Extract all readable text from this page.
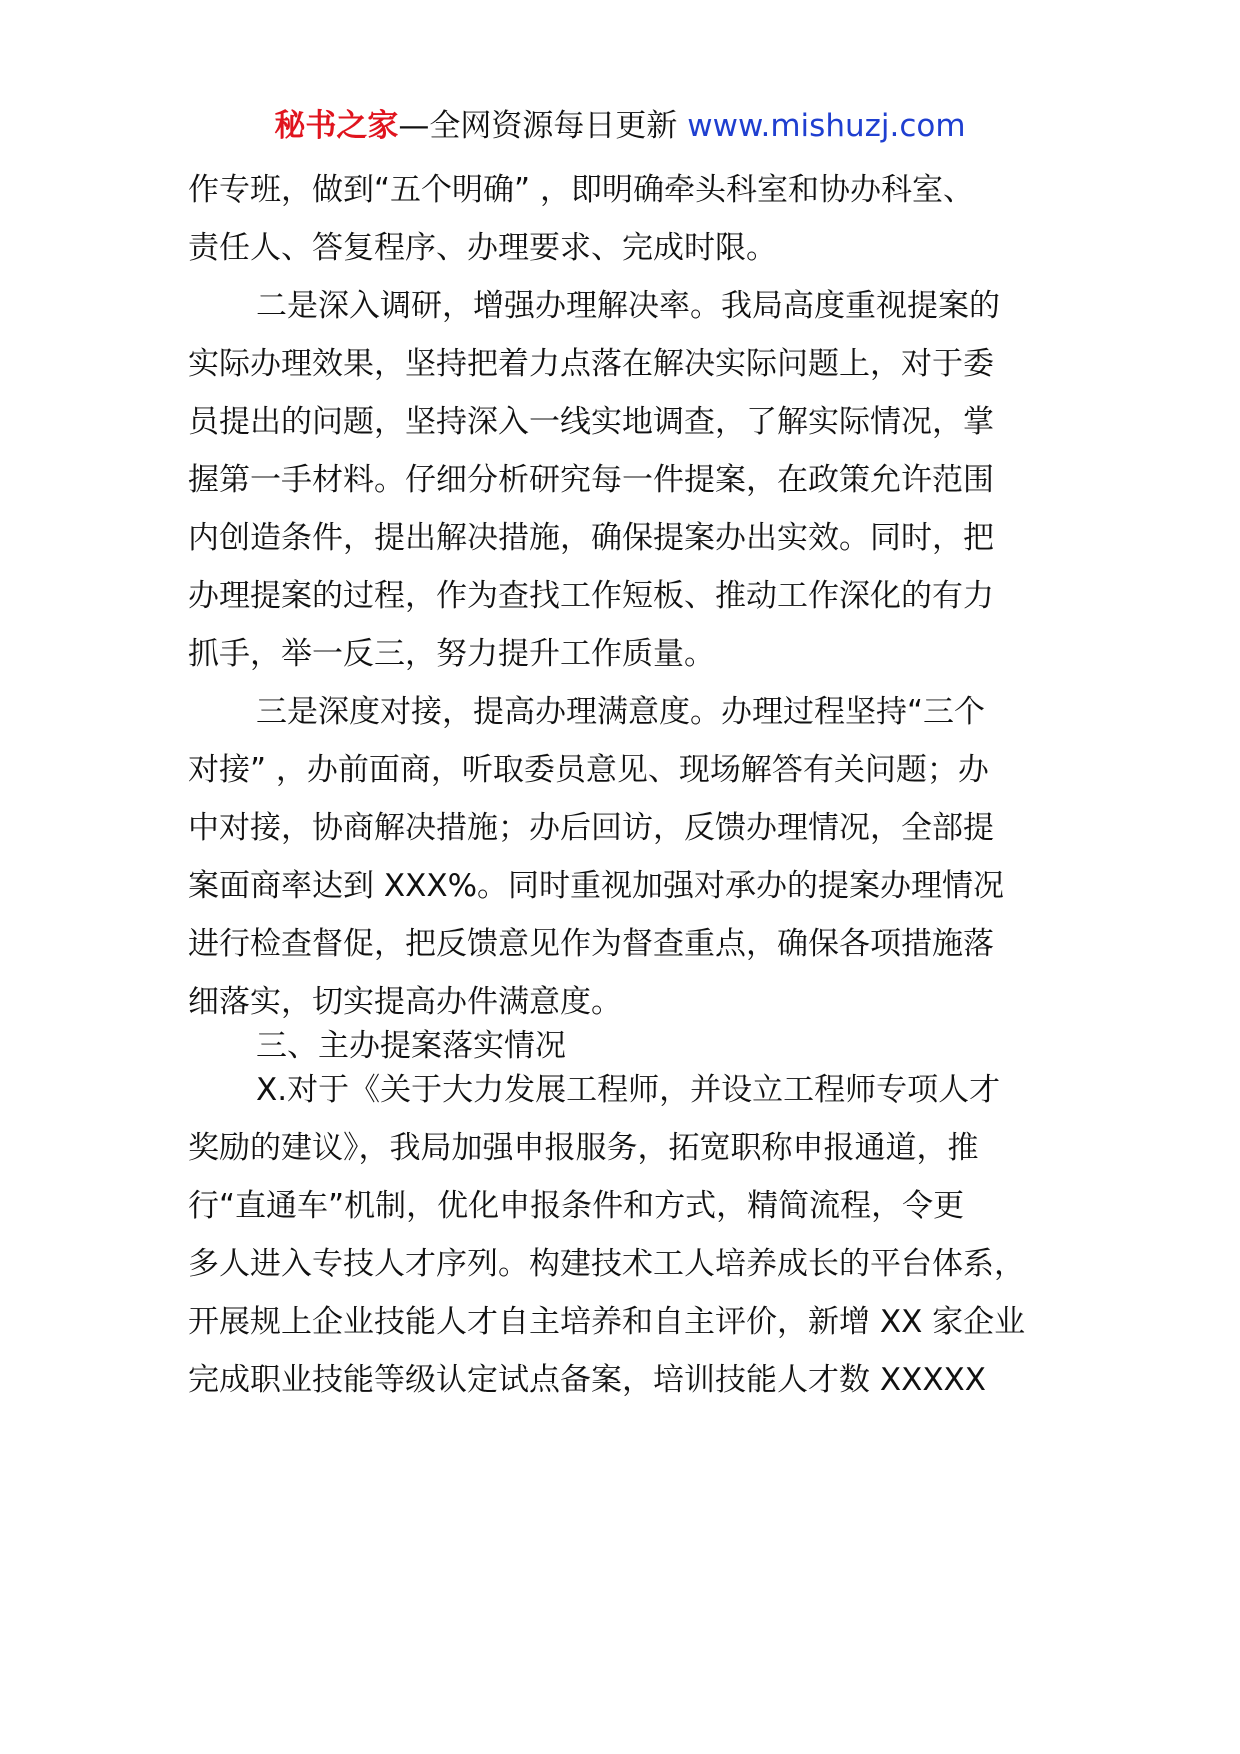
秘书之家—全网资源每日更新 www.mishuzj.com
作专班，做到“五个明确” ，即明确牵头科室和协办科室、
责任人、答复程序、办理要求、完成时限。
二是深入调研，增强办理解决率。我局高度重视提案的
实际办理效果，坚持把着力点落在解决实际问题上，对于委
员提出的问题，坚持深入一线实地调查，了解实际情况，掌
握第一手材料。仔细分析研究每一件提案，在政策允许范围
内创造条件，提出解决措施，确保提案办出实效。同时，把
办理提案的过程，作为查找工作短板、推动工作深化的有力
抓手，举一反三，努力提升工作质量。
三是深度对接，提高办理满意度。办理过程坚持“三个
对接” ，办前面商，听取委员意见、现场解答有关问题；办
中对接，协商解决措施；办后回访，反馈办理情况，全部提
案面商率达到 XXX%。同时重视加强对承办的提案办理情况
进行检查督促，把反馈意见作为督查重点，确保各项措施落
细落实，切实提高办件满意度。
三、主办提案落实情况
X.对于《关于大力发展工程师，并设立工程师专项人才
奖励的建议》，我局加强申报服务，拓宽职称申报通道，推
行“直通车”机制，优化申报条件和方式，精简流程，令更
多人进入专技人才序列。构建技术工人培养成长的平台体系，
开展规上企业技能人才自主培养和自主评价，新增 XX 家企业
完成职业技能等级认定试点备案，培训技能人才数 XXXXX
